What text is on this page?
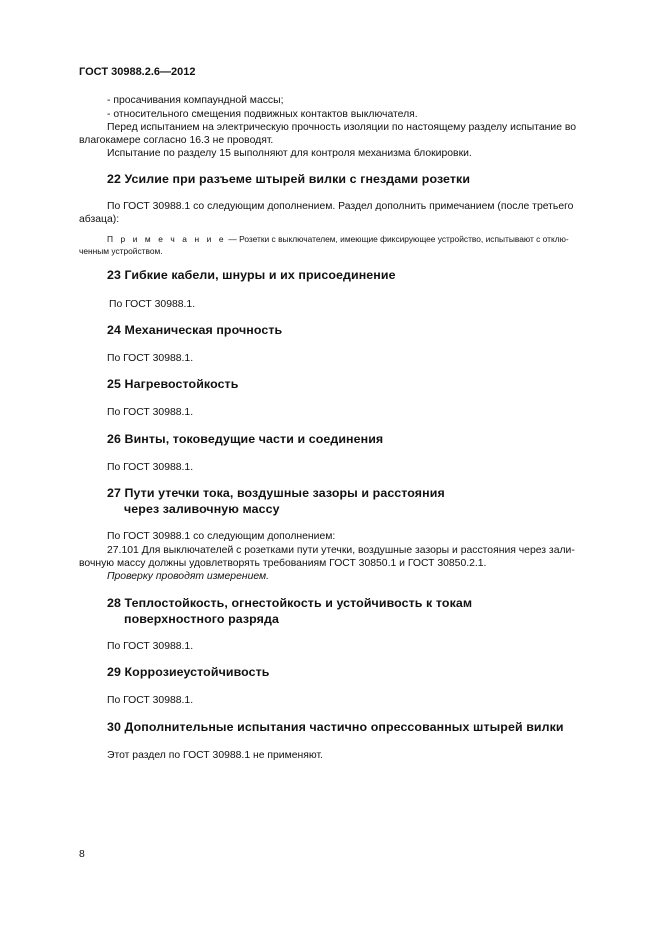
ГОСТ 30988.2.6—2012
- просачивания компаундной массы;
- относительного смещения подвижных контактов выключателя.
Перед испытанием на электрическую прочность изоляции по настоящему разделу испытание во
влагокамере согласно 16.3 не проводят.
Испытание по разделу 15 выполняют для контроля механизма блокировки.
22 Усилие при разъеме штырей вилки с гнездами розетки
По ГОСТ 30988.1 со следующим дополнением. Раздел дополнить примечанием (после третьего
абзаца):
П р и м е ч а н и е — Розетки с выключателем, имеющие фиксирующее устройство, испытывают с отклю-
ченным устройством.
23 Гибкие кабели, шнуры и их присоединение
По ГОСТ 30988.1.
24 Механическая прочность
По ГОСТ 30988.1.
25 Нагревостойкость
По ГОСТ 30988.1.
26 Винты, токоведущие части и соединения
По ГОСТ 30988.1.
27 Пути утечки тока, воздушные зазоры и расстояния
через заливочную массу
По ГОСТ 30988.1 со следующим дополнением:
27.101 Для выключателей с розетками пути утечки, воздушные зазоры и расстояния через зали-
вочную массу должны удовлетворять требованиям ГОСТ 30850.1 и ГОСТ 30850.2.1.
Проверку проводят измерением.
28 Теплостойкость, огнестойкость и устойчивость к токам
поверхностного разряда
По ГОСТ 30988.1.
29 Коррозиеустойчивость
По ГОСТ 30988.1.
30 Дополнительные испытания частично опрессованных штырей вилки
Этот раздел по ГОСТ 30988.1 не применяют.
8
